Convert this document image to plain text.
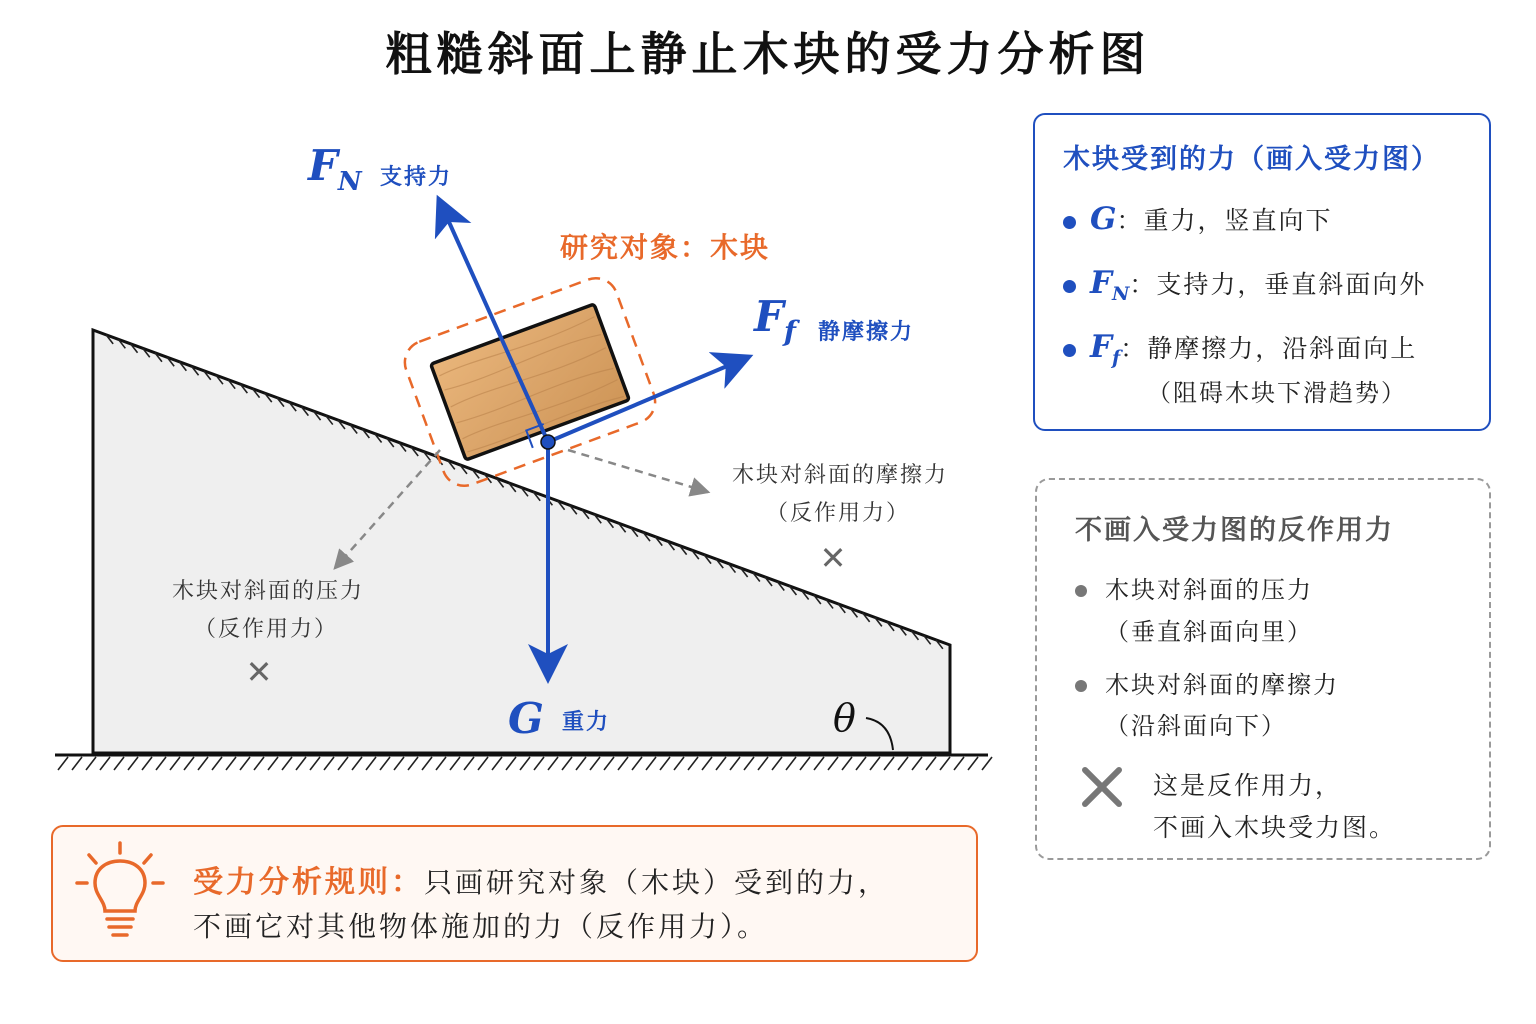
粗糙斜面上静止木块的受力分析图
θ
研究对象：木块
$F_N$ 支持力
$F_f$ 静摩擦力
G 重力
木块对斜面的压力
（反作用力）
✕
木块对斜面的摩擦力
（反作用力）
✕
木块受到的力（画入受力图）
G：重力，竖直向下
$F_N$：支持力，垂直斜面向外
$F_f$：静摩擦力，沿斜面向上
（阻碍木块下滑趋势）
不画入受力图的反作用力
木块对斜面的压力
（垂直斜面向里）
木块对斜面的摩擦力
（沿斜面向下）
这是反作用力，
不画入木块受力图。
受力分析规则：只画研究对象（木块）受到的力，
不画它对其他物体施加的力（反作用力）。
